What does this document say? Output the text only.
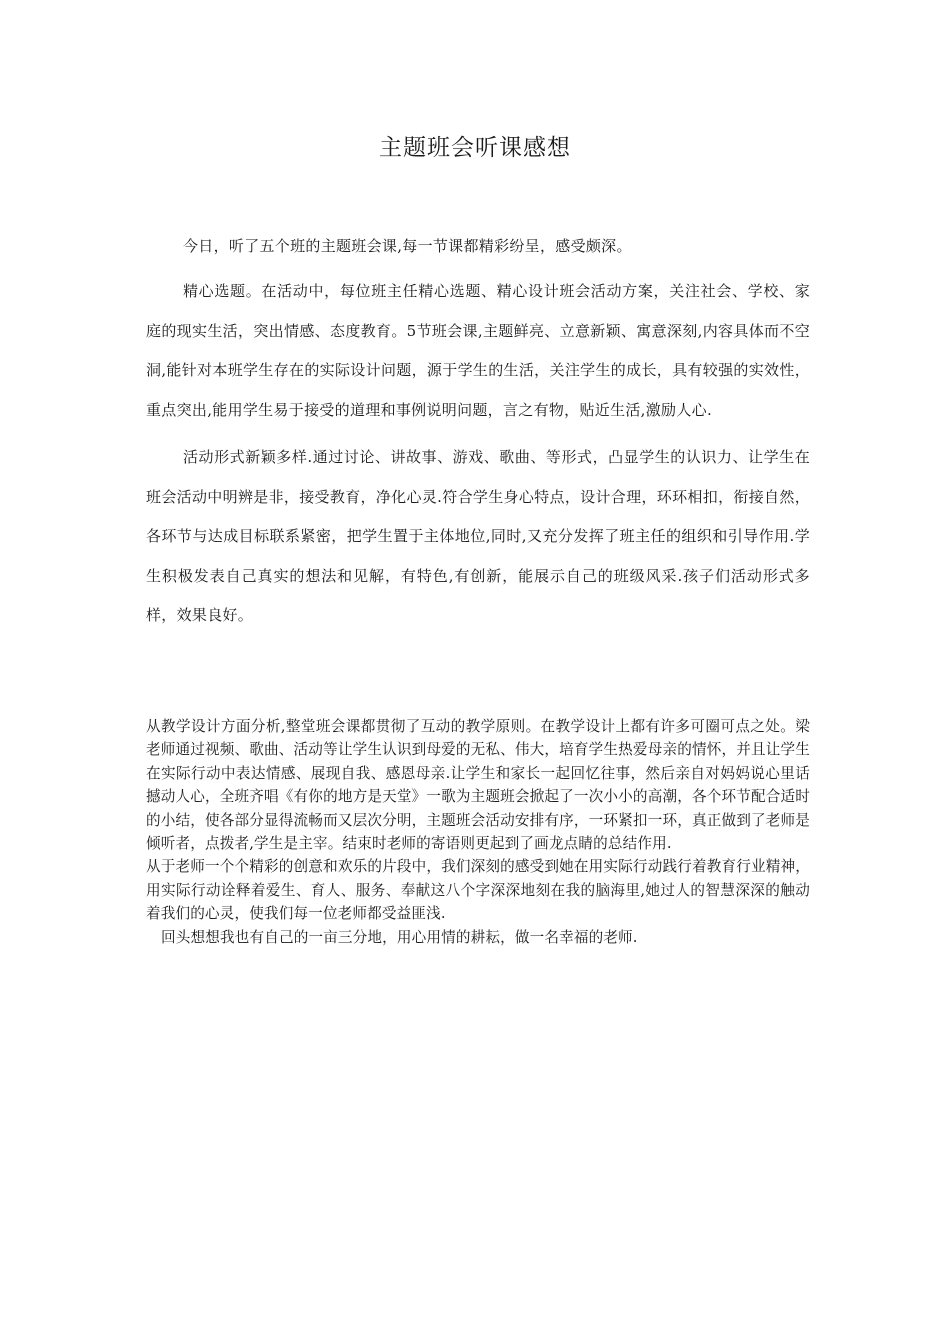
主题班会听课感想

今日，听了五个班的主题班会课,每一节课都精彩纷呈，感受颇深。

精心选题。在活动中，每位班主任精心选题、精心设计班会活动方案，关注社会、学校、家庭的现实生活，突出情感、态度教育。5节班会课,主题鲜亮、立意新颖、寓意深刻,内容具体而不空洞,能针对本班学生存在的实际设计问题，源于学生的生活，关注学生的成长，具有较强的实效性，重点突出,能用学生易于接受的道理和事例说明问题，言之有物，贴近生活,激励人心.

活动形式新颖多样.通过讨论、讲故事、游戏、歌曲、等形式，凸显学生的认识力、让学生在班会活动中明辨是非，接受教育，净化心灵.符合学生身心特点，设计合理，环环相扣，衔接自然，各环节与达成目标联系紧密，把学生置于主体地位,同时,又充分发挥了班主任的组织和引导作用.学生积极发表自己真实的想法和见解，有特色,有创新，能展示自己的班级风采.孩子们活动形式多样，效果良好。

从教学设计方面分析,整堂班会课都贯彻了互动的教学原则。在教学设计上都有许多可圈可点之处。梁老师通过视频、歌曲、活动等让学生认识到母爱的无私、伟大，培育学生热爱母亲的情怀，并且让学生在实际行动中表达情感、展现自我、感恩母亲.让学生和家长一起回忆往事，然后亲自对妈妈说心里话撼动人心，全班齐唱《有你的地方是天堂》一歌为主题班会掀起了一次小小的高潮，各个环节配合适时的小结，使各部分显得流畅而又层次分明，主题班会活动安排有序，一环紧扣一环，真正做到了老师是倾听者，点拨者,学生是主宰。结束时老师的寄语则更起到了画龙点睛的总结作用.

从于老师一个个精彩的创意和欢乐的片段中，我们深刻的感受到她在用实际行动践行着教育行业精神，用实际行动诠释着爱生、育人、服务、奉献这八个字深深地刻在我的脑海里,她过人的智慧深深的触动着我们的心灵，使我们每一位老师都受益匪浅.

回头想想我也有自己的一亩三分地，用心用情的耕耘，做一名幸福的老师.
